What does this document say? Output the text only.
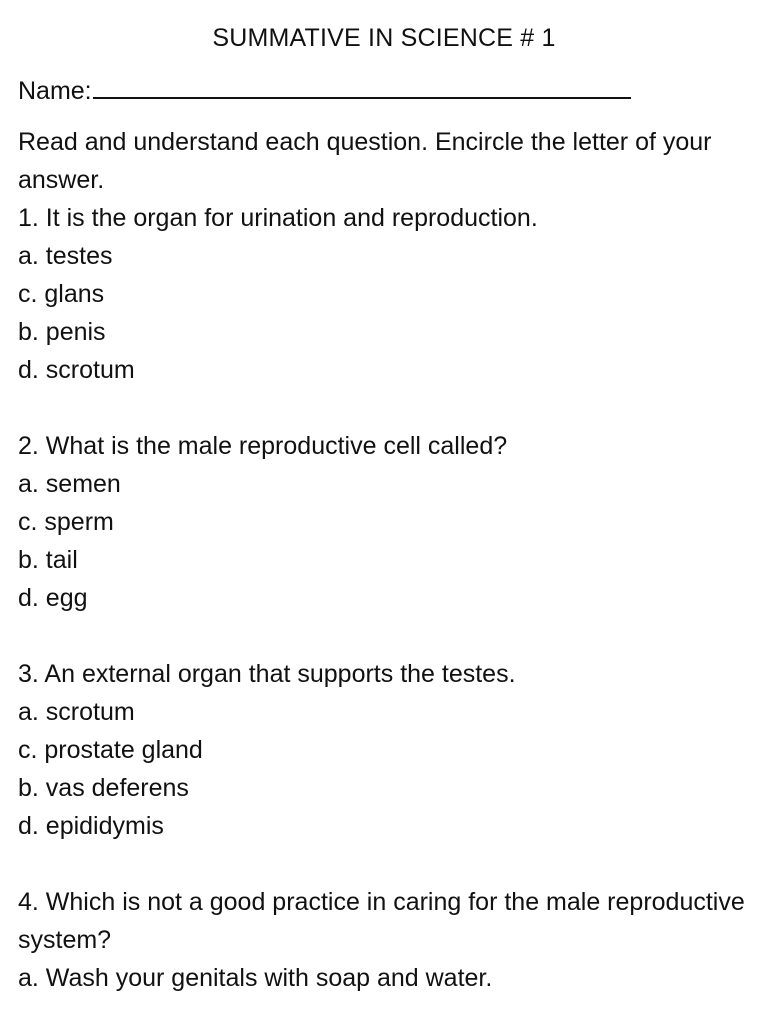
SUMMATIVE IN SCIENCE # 1
Name:

Read and understand each question. Encircle the letter of your answer.

1. It is the organ for urination and reproduction.

a. testes

c. glans

b. penis

d. scrotum

2. What is the male reproductive cell called?

a. semen

c. sperm

b. tail

d. egg

3. An external organ that supports the testes.

a. scrotum

c. prostate gland

b. vas deferens

d. epididymis

4. Which is not a good practice in caring for the male reproductive system?

a. Wash your genitals with soap and water.
